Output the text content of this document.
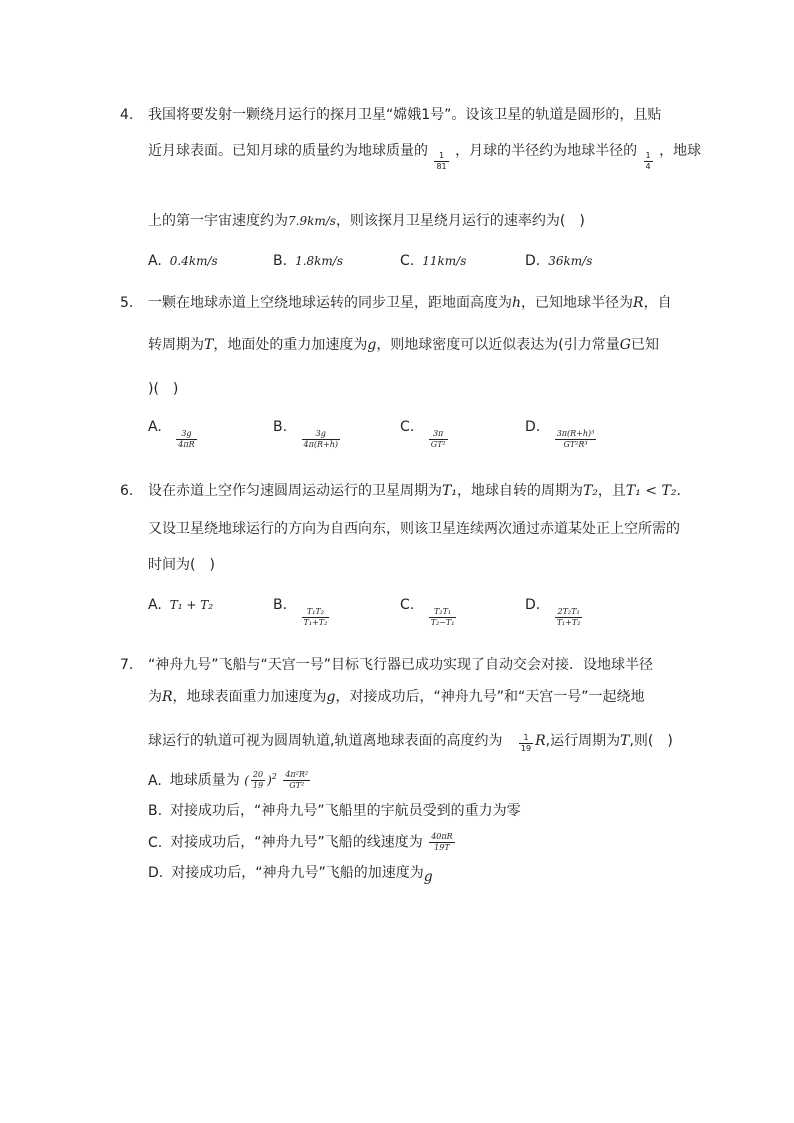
4.	我国将要发射一颗绕月运行的探月卫星“嫦娥1号”。设该卫星的轨道是圆形的，且贴
近月球表面。已知月球的质量约为地球质量的 $\frac{1}{81}$ ，月球的半径约为地球半径的 $\frac{1}{4}$ ，地球
上的第一宇宙速度约为7.9km/s，则该探月卫星绕月运行的速率约为(　)
A. 0.4km/s	B. 1.8km/s	C. 11km/s	D. 36km/s
5.	一颗在地球赤道上空绕地球运转的同步卫星，距地面高度为h，已知地球半径为R，自
转周期为T，地面处的重力加速度为g，则地球密度可以近似表达为(引力常量G已知
)(　)
A.
$\frac{3g}{4\pi R}$
B.
$\frac{3g}{4\pi(R+h)}$
C.
$\frac{3\pi}{\text{GT²}}$
D.
$\frac{\text{3π(R+h)³}}{\text{GT²R³}}$
6.	设在赤道上空作匀速圆周运动运行的卫星周期为T₁，地球自转的周期为T₂，且T₁ < T₂.
又设卫星绕地球运行的方向为自西向东，则该卫星连续两次通过赤道某处正上空所需的
时间为(　)
A. T₁ + T₂	B.
$\frac{\text{T₁T₂}}{\text{T₁+T₂}}$
C.
$\frac{\text{T₂T₁}}{\text{T₂−T₁}}$
D.
$\frac{\text{2T₂T₁}}{\text{T₁+T₂}}$
7.	“神舟九号”飞船与“天宫一号”目标飞行器已成功实现了自动交会对接．设地球半径
为R，地球表面重力加速度为g，对接成功后，“神舟九号”和“天宫一号”一起绕地
球运行的轨道可视为圆周轨道,轨道离地球表面的高度约为 $\frac{1}{19} R$,运行周期为T,则(　)
A. 地球质量为 ( $\frac{20}{19} )^2 \frac{\text{4π²R²}}{\text{GT²}}$
B. 对接成功后，“神舟九号”飞船里的宇航员受到的重力为零
C. 对接成功后，“神舟九号”飞船的线速度为 $\frac{40\pi R}{19T}$
D. 对接成功后，“神舟九号”飞船的加速度为g
